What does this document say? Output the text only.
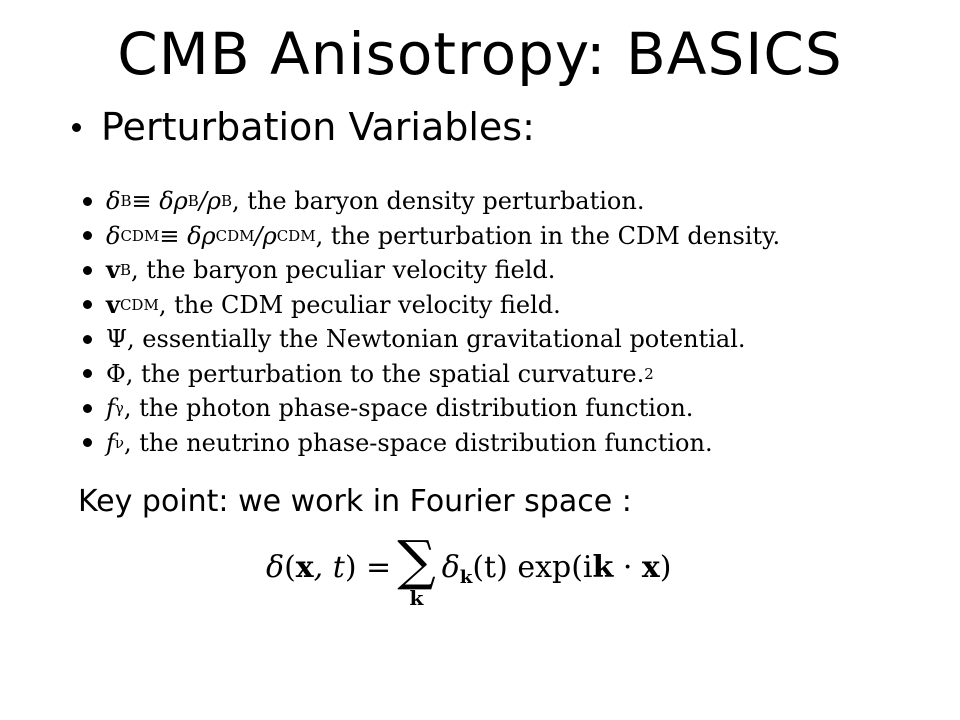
CMB Anisotropy: BASICS
Perturbation Variables:
δ B ≡ δρ B /ρ B , the baryon density perturbation.
δ CDM ≡ δρ CDM /ρ CDM , the perturbation in the CDM density.
v B , the baryon peculiar velocity field.
v CDM , the CDM peculiar velocity field.
Ψ , essentially the Newtonian gravitational potential.
Φ , the perturbation to the spatial curvature. 2
f γ , the photon phase-space distribution function.
f ν , the neutrino phase-space distribution function.
Key point: we work in Fourier space :
δ(x, t) = ∑
k
$\delta_k(t) \exp(ik \cdot x)$
